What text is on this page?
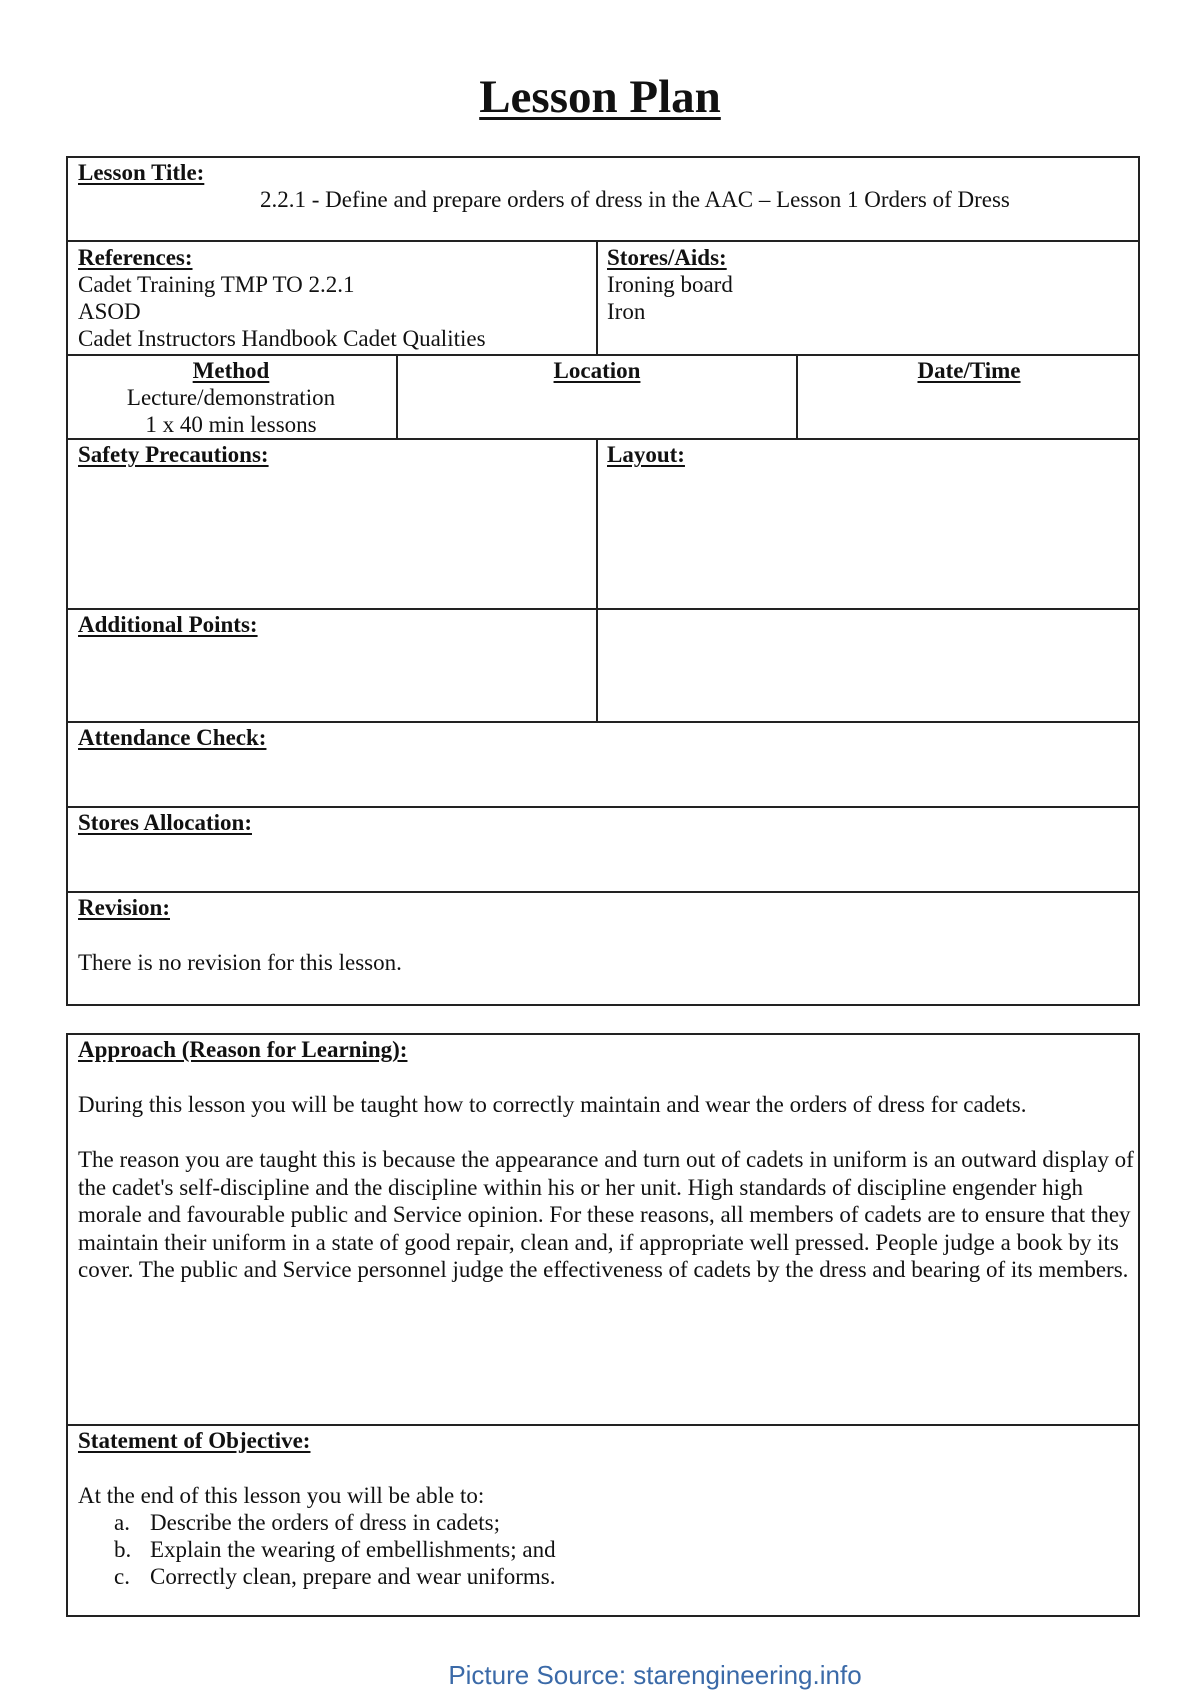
Lesson Plan
Lesson Title:
2.2.1 - Define and prepare orders of dress in the AAC – Lesson 1 Orders of Dress
References:
Cadet Training TMP TO 2.2.1
ASOD
Cadet Instructors Handbook Cadet Qualities
Stores/Aids:
Ironing board
Iron
Method
Lecture/demonstration
1 x 40 min lessons
Location	Date/Time
Safety Precautions:	Layout:
Additional Points:
Attendance Check:
Stores Allocation:
Revision:
There is no revision for this lesson.
Approach (Reason for Learning):
During this lesson you will be taught how to correctly maintain and wear the orders of dress for cadets.
The reason you are taught this is because the appearance and turn out of cadets in uniform is an outward display of the cadet's self-discipline and the discipline within his or her unit. High standards of discipline engender high morale and favourable public and Service opinion. For these reasons, all members of cadets are to ensure that they maintain their uniform in a state of good repair, clean and, if appropriate well pressed. People judge a book by its cover. The public and Service personnel judge the effectiveness of cadets by the dress and bearing of its members.
Statement of Objective:
At the end of this lesson you will be able to:
a. Describe the orders of dress in cadets;
b. Explain the wearing of embellishments; and
c. Correctly clean, prepare and wear uniforms.
Picture Source: starengineering.info
